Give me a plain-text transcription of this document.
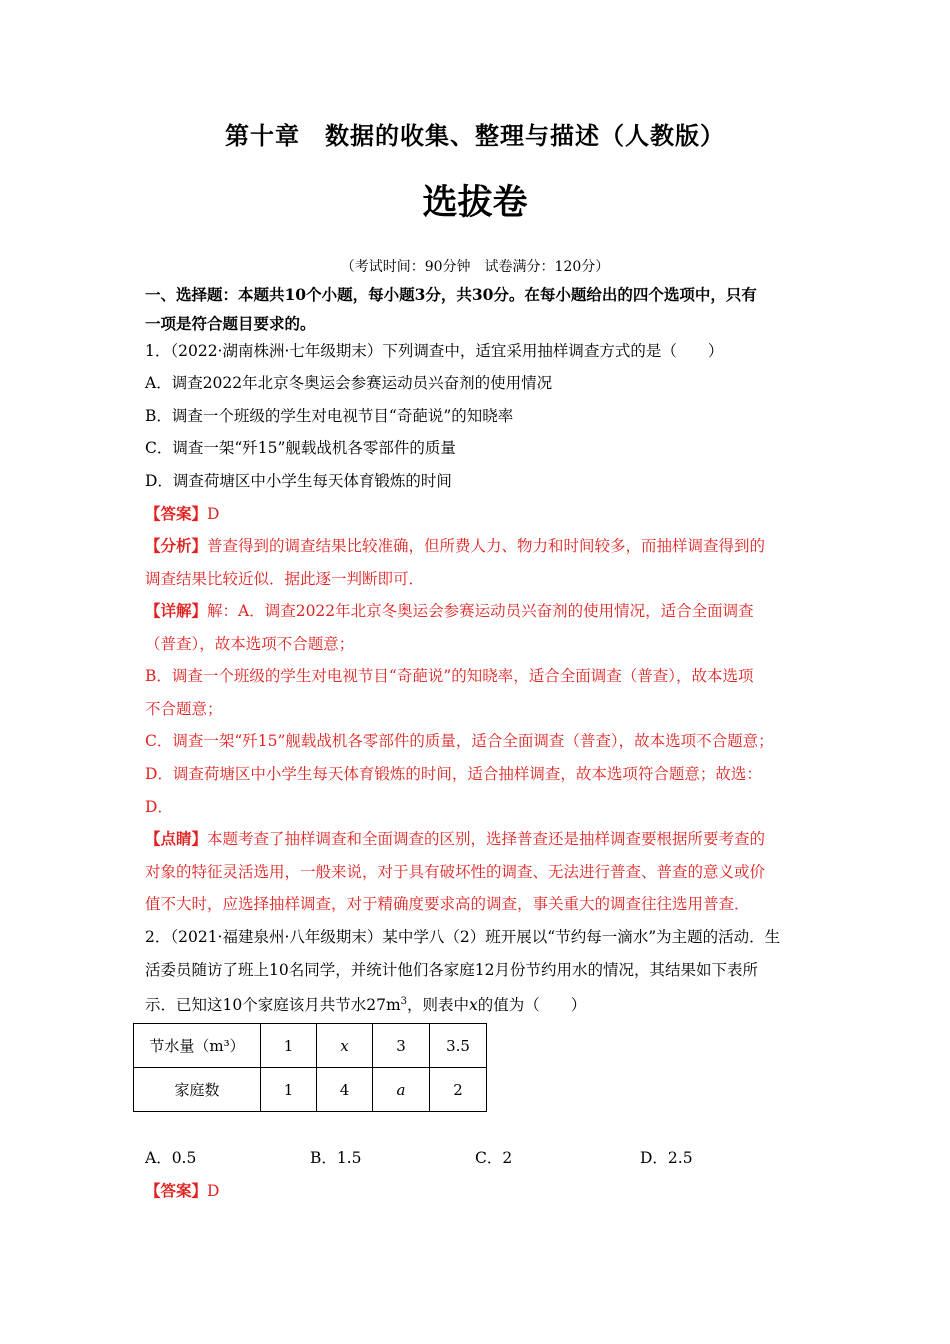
第十章　数据的收集、整理与描述（人教版）
选拔卷
（考试时间：90分钟　试卷满分：120分）
一、选择题：本题共10个小题，每小题3分，共30分。在每小题给出的四个选项中，只有
一项是符合题目要求的。
1．（2022·湖南株洲·七年级期末）下列调查中，适宜采用抽样调查方式的是（　　）
A．调查2022年北京冬奥运会参赛运动员兴奋剂的使用情况
B．调查一个班级的学生对电视节目“奇葩说”的知晓率
C．调查一架“歼15”舰载战机各零部件的质量
D．调查荷塘区中小学生每天体育锻炼的时间
【答案】D
【分析】普查得到的调查结果比较准确，但所费人力、物力和时间较多，而抽样调查得到的
调查结果比较近似．据此逐一判断即可．
【详解】解：A．调查2022年北京冬奥运会参赛运动员兴奋剂的使用情况，适合全面调查
（普查），故本选项不合题意；
B．调查一个班级的学生对电视节目“奇葩说”的知晓率，适合全面调查（普查），故本选项
不合题意；
C．调查一架“歼15”舰载战机各零部件的质量，适合全面调查（普查），故本选项不合题意；
D．调查荷塘区中小学生每天体育锻炼的时间，适合抽样调查，故本选项符合题意；故选：
D．
【点睛】本题考查了抽样调查和全面调查的区别，选择普查还是抽样调查要根据所要考查的
对象的特征灵活选用，一般来说，对于具有破坏性的调查、无法进行普查、普查的意义或价
值不大时，应选择抽样调查，对于精确度要求高的调查，事关重大的调查往往选用普查．
2．（2021·福建泉州·八年级期末）某中学八（2）班开展以“节约每一滴水”为主题的活动．生
活委员随访了班上10名同学，并统计他们各家庭12月份节约用水的情况，其结果如下表所
示．已知这10个家庭该月共节水$27m^3$，则表中x的值为（　　）
节水量（m³）	1	x	3	3.5
家庭数	1	4	a	2
A．0.5	B．1.5	C．2	D．2.5
【答案】D
